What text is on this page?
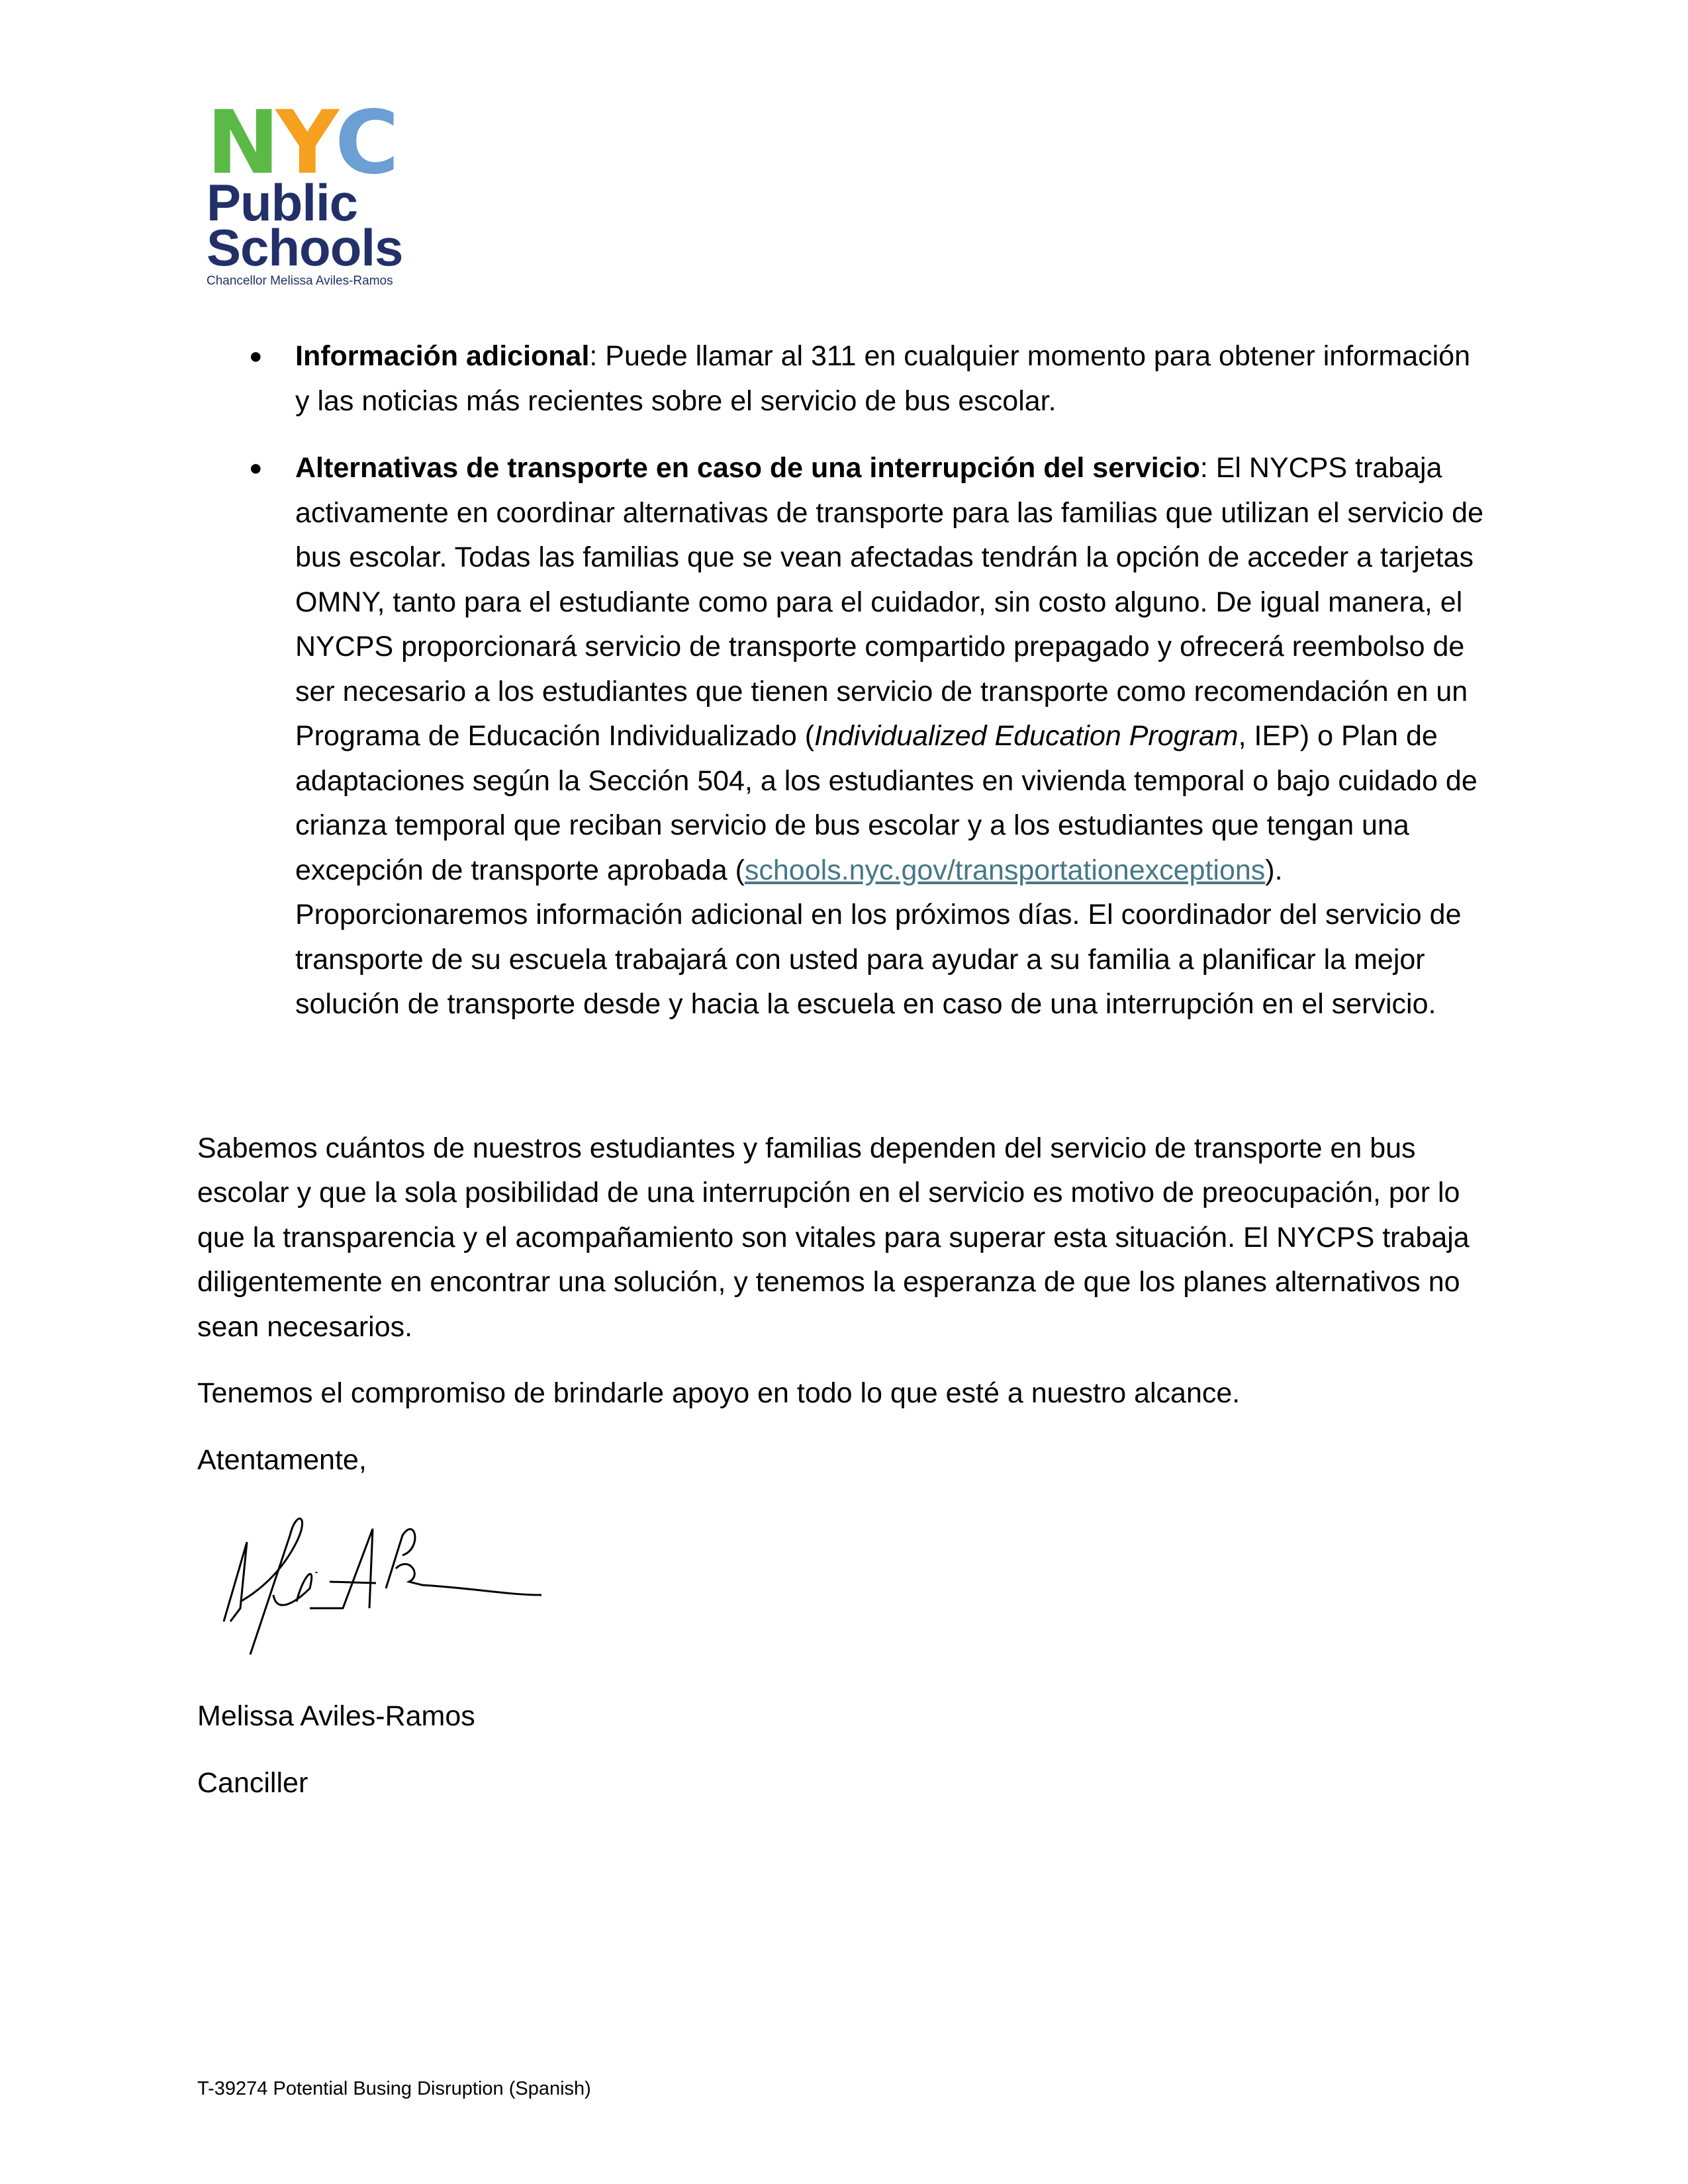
N Y C
Public
Schools
Chancellor Melissa Aviles-Ramos
● Información adicional: Puede llamar al 311 en cualquier momento para obtener información y las noticias más recientes sobre el servicio de bus escolar.
● Alternativas de transporte en caso de una interrupción del servicio: El NYCPS trabaja activamente en coordinar alternativas de transporte para las familias que utilizan el servicio de bus escolar. Todas las familias que se vean afectadas tendrán la opción de acceder a tarjetas OMNY, tanto para el estudiante como para el cuidador, sin costo alguno. De igual manera, el NYCPS proporcionará servicio de transporte compartido prepagado y ofrecerá reembolso de ser necesario a los estudiantes que tienen servicio de transporte como recomendación en un Programa de Educación Individualizado (Individualized Education Program, IEP) o Plan de adaptaciones según la Sección 504, a los estudiantes en vivienda temporal o bajo cuidado de crianza temporal que reciban servicio de bus escolar y a los estudiantes que tengan una excepción de transporte aprobada (schools.nyc.gov/transportationexceptions). Proporcionaremos información adicional en los próximos días. El coordinador del servicio de transporte de su escuela trabajará con usted para ayudar a su familia a planificar la mejor solución de transporte desde y hacia la escuela en caso de una interrupción en el servicio.

Sabemos cuántos de nuestros estudiantes y familias dependen del servicio de transporte en bus escolar y que la sola posibilidad de una interrupción en el servicio es motivo de preocupación, por lo que la transparencia y el acompañamiento son vitales para superar esta situación. El NYCPS trabaja diligentemente en encontrar una solución, y tenemos la esperanza de que los planes alternativos no sean necesarios.

Tenemos el compromiso de brindarle apoyo en todo lo que esté a nuestro alcance.

Atentamente,

Melissa Aviles-Ramos

Canciller

T-39274 Potential Busing Disruption (Spanish)
